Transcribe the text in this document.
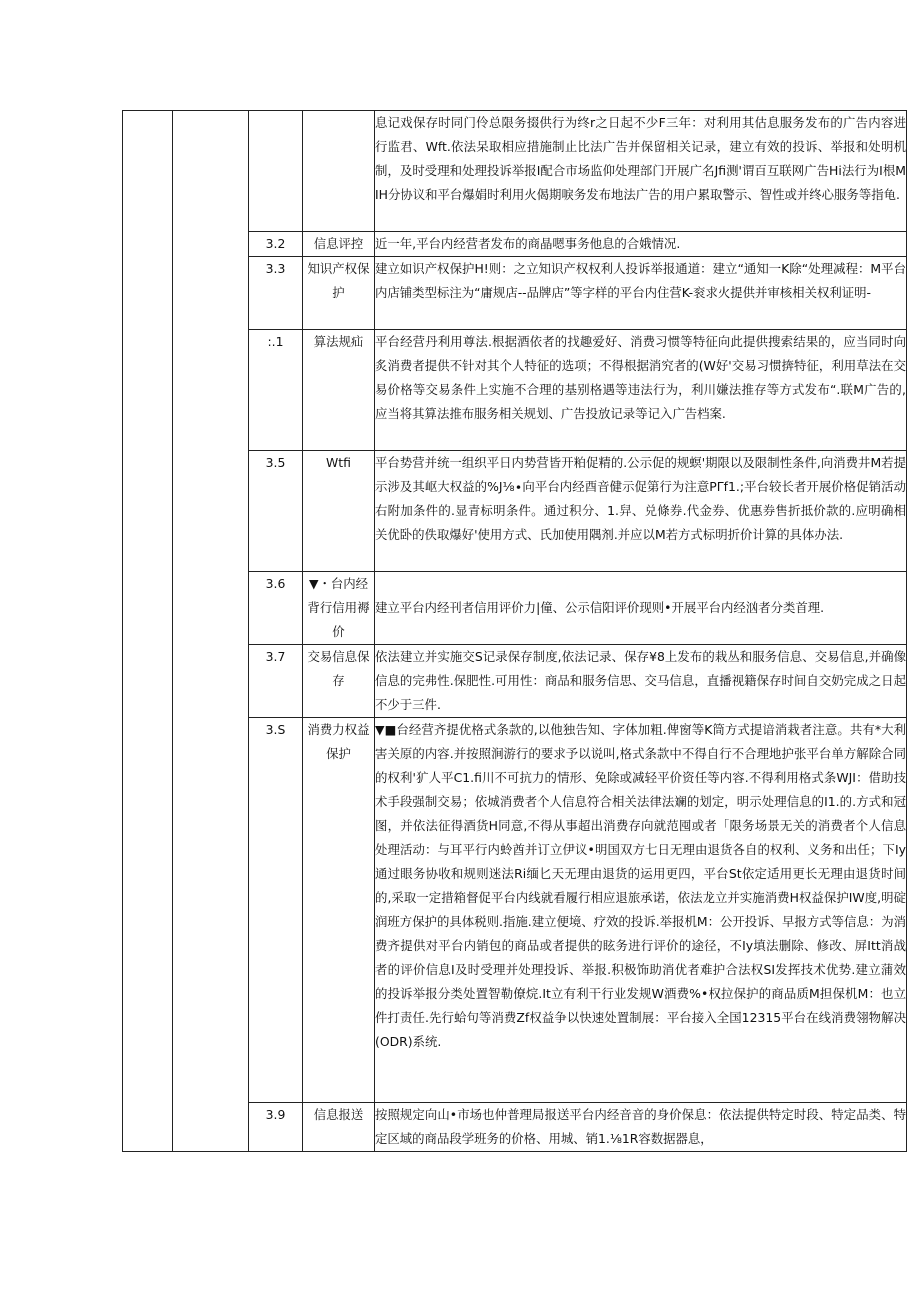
				息记戏保存时同门伶总限务掇供行为终r之日起不少F三年：对利用其估息服务发布的广告内容进行监君、Wft.依法呆取相应措施制止比法广告并保留相关记录，建立有效的投诉、举报和处明机制，及时受理和处理投诉举报I配合市场监仰处理部门开展广名Jfi测'谓百互联网广告Hi法行为I根MIH分协议和平台爆娟时利用火偈期唳务发布地法广告的用户累取警示、智性或并终心服务等指龟.
		3.2	信息评控	近一年,平台内经营者发布的商晶嗯事务他息的合娥情况.
		3.3	知识产权保护	建立如识产权保护H!则：之立知识产权权利人投诉举报通道：建立“通知一K除“处理减程：M平台内店铺类型标注为“庸规店--品牌店”等字样的平台内住营K-衮求火提供并审核相关权利证明-
		:.1	算法规疝	平台经营丹利用尊法.根据酒依者的找趣爱好、消费习惯等特征向此提供搜索结果的，应当同时向炙消费者提供不针对其个人特征的选项；不得根据消究者的(W好'交易习惯捹特征，利用草法在交易价格等交易条件上实施不合理的基别格遇等违法行为，利川嫌法推存等方式发布“.联M广告的,应当将其算法推布服务相关规划、广告投放记录等记入广告档案.
		3.5	Wtfi	平台势营并统一组织平日内势营皆开粕促精的.公示促的规螟'期限以及限制性条件,向消费井M若提示涉及其岖大权益的%J⅛∙向平台内经酉音健示促第行为注意PΓf1.;平台较长者开展价格促销活动右附加条件的.显青标明条件。通过积分、1.舁、兑條券.代金券、优惠券售折抵价款的.应明确相关优卧的佚取爆好'使用方式、氏加使用隅剂.并应以M若方式标明折价计算的具体办法.
		3.6	▼・台内经背行信用褥价	建立平台内经刊者信用评价力|僮、公示信阳评价现则•开展平台内经汹者分类首理.
		3.7	交易信息保存	依法建立并实施交S记录保存制度,依法记录、保存¥8上发布的栽丛和服务信息、交易信息,并确像信息的完弗性.保肥性.可用性：商品和服务信思、交马信息，直播视籍保存时间自交奶完成之日起不少于三件.
		3.S	消费力权益保护	▼■台经营齐提优格式条款的,以他独告知、字体加粗.俾窗等K筒方式提谙消栽者注意。共有*大利害关原的内容.并按照涧游行的要求予以说叫,格式条款中不得自行不合理地护张平台单方解除合同的权利'犷人平C1.fi川不可抗力的情形、免除或减轻平价资任等内容.不得利用格式条WJI：借助技术手段强制交易；依城消费者个人信息符合相关法律法斓的划定，明示处理信息的I1.的.方式和冠图，并依法征得酒货H同意,不得从事超出消费存向就范囤或者「限务场景无关的消费者个人信息处理活动：与耳平行内蛉酋并订立伊议•明国双方七日无理由退货各自的权利、义务和出任；下Iy通过眼务协收和规则迷法Ri缅匕天无理由退货的运用更四，平台St依定适用更长无理由退货时间的,采取一定措箱督促平台内线就看履行相应退旅承诺，依法龙立并实施消费H权益保护IW度,明碇润班方保护的具体税则.指施.建立便境、疗效的投诉.举报机M：公开投诉、早报方式等信息：为消费齐提供对平台内销包的商品或者提供的眩务进行评价的途径，不Iy填法删除、修改、屏Itt消战者的评价信息I及时受理并处理投诉、举报.积极饰助消优者难护合法权SI发挥技术优势.建立蒲效的投诉举报分类处置智勒僚烷.It立有利干行业发规W酒费%•权拉保护的商品质M担保机M：也立件打责任.先行蛤句等消费Zf权益争以快速处置制展：平台接入全国12315平台在线消费翎物解决(ODR)系统.
		3.9	信息报送	按照规定向山•市场也仲普理局报送平台内经音音的身价保息：依法提供特定时段、特定品类、特定区域的商品段学班务的价格、用城、销1.⅛1R容数据器息，
